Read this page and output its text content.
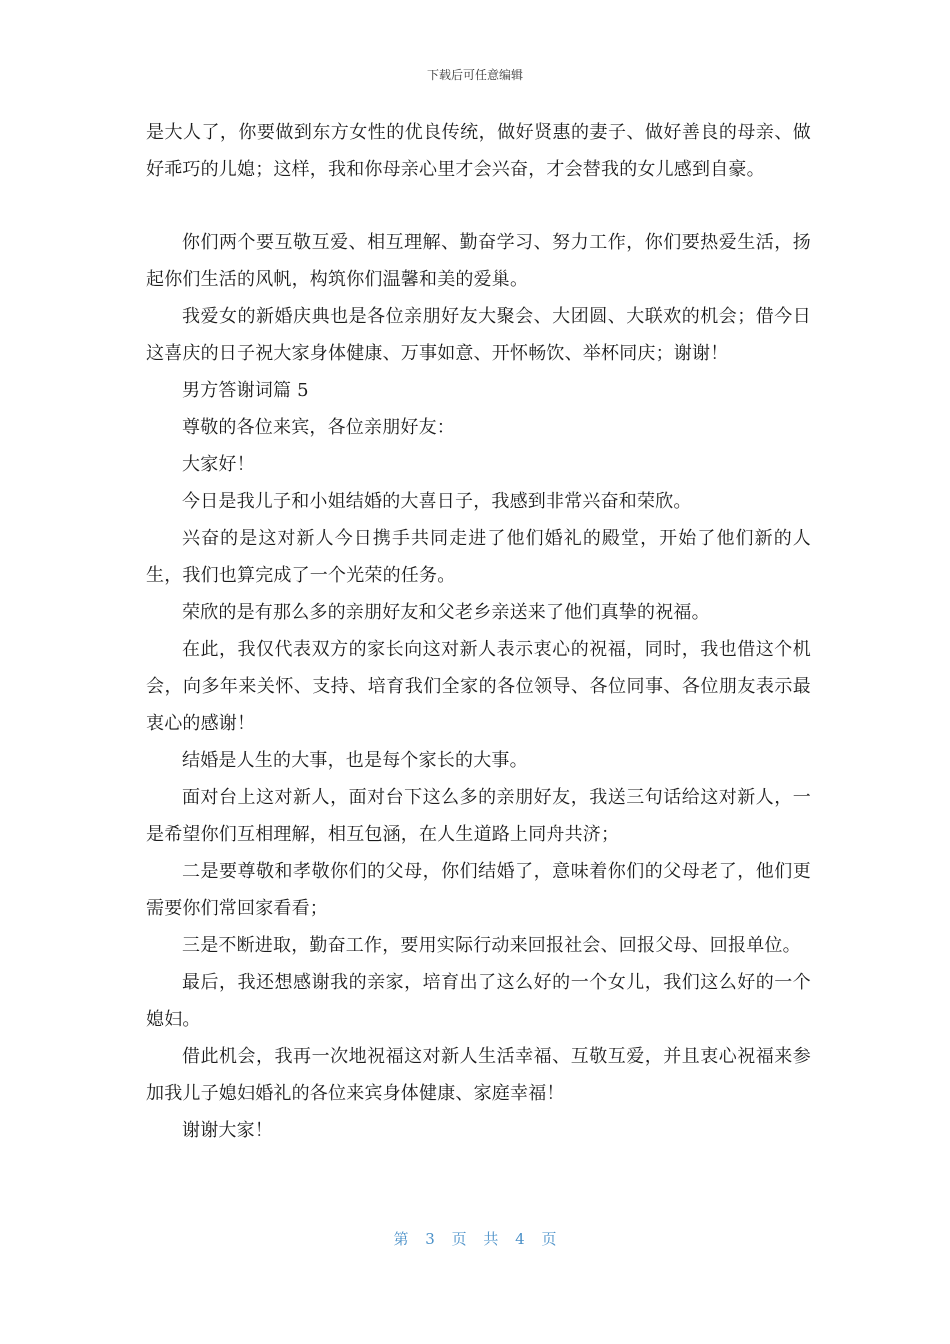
下载后可任意编辑

是大人了，你要做到东方女性的优良传统，做好贤惠的妻子、做好善良的母亲、做好乖巧的儿媳；这样，我和你母亲心里才会兴奋，才会替我的女儿感到自豪。

你们两个要互敬互爱、相互理解、勤奋学习、努力工作，你们要热爱生活，扬起你们生活的风帆，构筑你们温馨和美的爱巢。

我爱女的新婚庆典也是各位亲朋好友大聚会、大团圆、大联欢的机会；借今日这喜庆的日子祝大家身体健康、万事如意、开怀畅饮、举杯同庆；谢谢！

男方答谢词篇 5

尊敬的各位来宾，各位亲朋好友：

大家好！

今日是我儿子和小姐结婚的大喜日子，我感到非常兴奋和荣欣。

兴奋的是这对新人今日携手共同走进了他们婚礼的殿堂，开始了他们新的人生，我们也算完成了一个光荣的任务。

荣欣的是有那么多的亲朋好友和父老乡亲送来了他们真挚的祝福。

在此，我仅代表双方的家长向这对新人表示衷心的祝福，同时，我也借这个机会，向多年来关怀、支持、培育我们全家的各位领导、各位同事、各位朋友表示最衷心的感谢！

结婚是人生的大事，也是每个家长的大事。

面对台上这对新人，面对台下这么多的亲朋好友，我送三句话给这对新人，一是希望你们互相理解，相互包涵，在人生道路上同舟共济；

二是要尊敬和孝敬你们的父母，你们结婚了，意味着你们的父母老了，他们更需要你们常回家看看；

三是不断进取，勤奋工作，要用实际行动来回报社会、回报父母、回报单位。

最后，我还想感谢我的亲家，培育出了这么好的一个女儿，我们这么好的一个媳妇。

借此机会，我再一次地祝福这对新人生活幸福、互敬互爱，并且衷心祝福来参加我儿子媳妇婚礼的各位来宾身体健康、家庭幸福！

谢谢大家！

第 3 页 共 4 页
